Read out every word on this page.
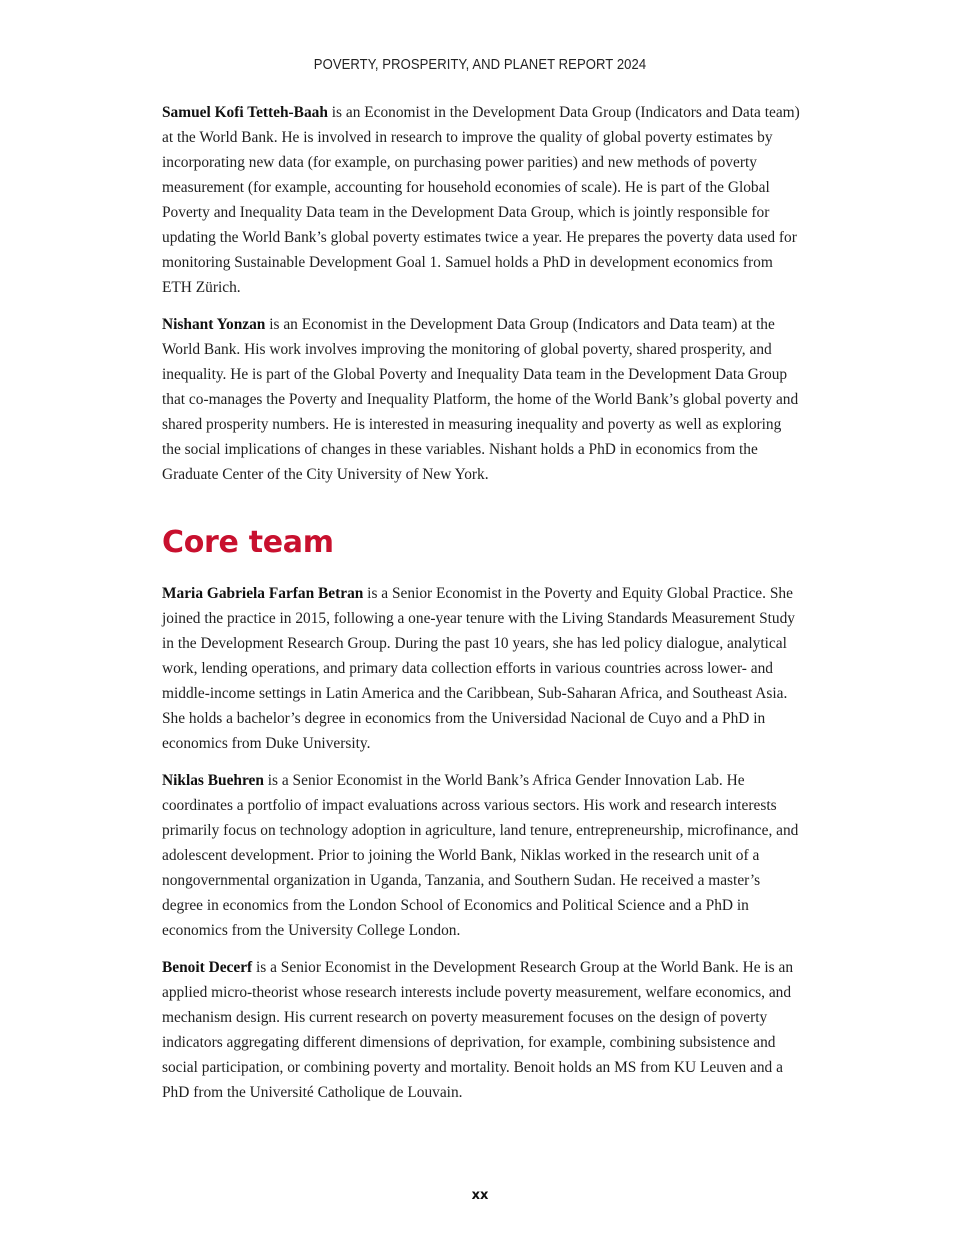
POVERTY, PROSPERITY, AND PLANET REPORT 2024

Samuel Kofi Tetteh-Baah is an Economist in the Development Data Group (Indicators and Data team) at the World Bank. He is involved in research to improve the quality of global poverty estimates by incorporating new data (for example, on purchasing power parities) and new methods of poverty measurement (for example, accounting for household economies of scale). He is part of the Global Poverty and Inequality Data team in the Development Data Group, which is jointly responsible for updating the World Bank’s global poverty estimates twice a year. He prepares the poverty data used for monitoring Sustainable Development Goal 1. Samuel holds a PhD in development economics from ETH Zürich.

Nishant Yonzan is an Economist in the Development Data Group (Indicators and Data team) at the World Bank. His work involves improving the monitoring of global poverty, shared prosperity, and inequality. He is part of the Global Poverty and Inequality Data team in the Development Data Group that co-manages the Poverty and Inequality Platform, the home of the World Bank’s global poverty and shared prosperity numbers. He is interested in measuring inequality and poverty as well as exploring the social implications of changes in these variables. Nishant holds a PhD in economics from the Graduate Center of the City University of New York.

Core team

Maria Gabriela Farfan Betran is a Senior Economist in the Poverty and Equity Global Practice. She joined the practice in 2015, following a one-year tenure with the Living Standards Measurement Study in the Development Research Group. During the past 10 years, she has led policy dialogue, analytical work, lending operations, and primary data collection efforts in various countries across lower- and middle-income settings in Latin America and the Caribbean, Sub-Saharan Africa, and Southeast Asia. She holds a bachelor’s degree in economics from the Universidad Nacional de Cuyo and a PhD in economics from Duke University.

Niklas Buehren is a Senior Economist in the World Bank’s Africa Gender Innovation Lab. He coordinates a portfolio of impact evaluations across various sectors. His work and research interests primarily focus on technology adoption in agriculture, land tenure, entrepreneurship, microfinance, and adolescent development. Prior to joining the World Bank, Niklas worked in the research unit of a nongovernmental organization in Uganda, Tanzania, and Southern Sudan. He received a master’s degree in economics from the London School of Economics and Political Science and a PhD in economics from the University College London.

Benoit Decerf is a Senior Economist in the Development Research Group at the World Bank. He is an applied micro-theorist whose research interests include poverty measurement, welfare economics, and mechanism design. His current research on poverty measurement focuses on the design of poverty indicators aggregating different dimensions of deprivation, for example, combining subsistence and social participation, or combining poverty and mortality. Benoit holds an MS from KU Leuven and a PhD from the Université Catholique de Louvain.

xx
